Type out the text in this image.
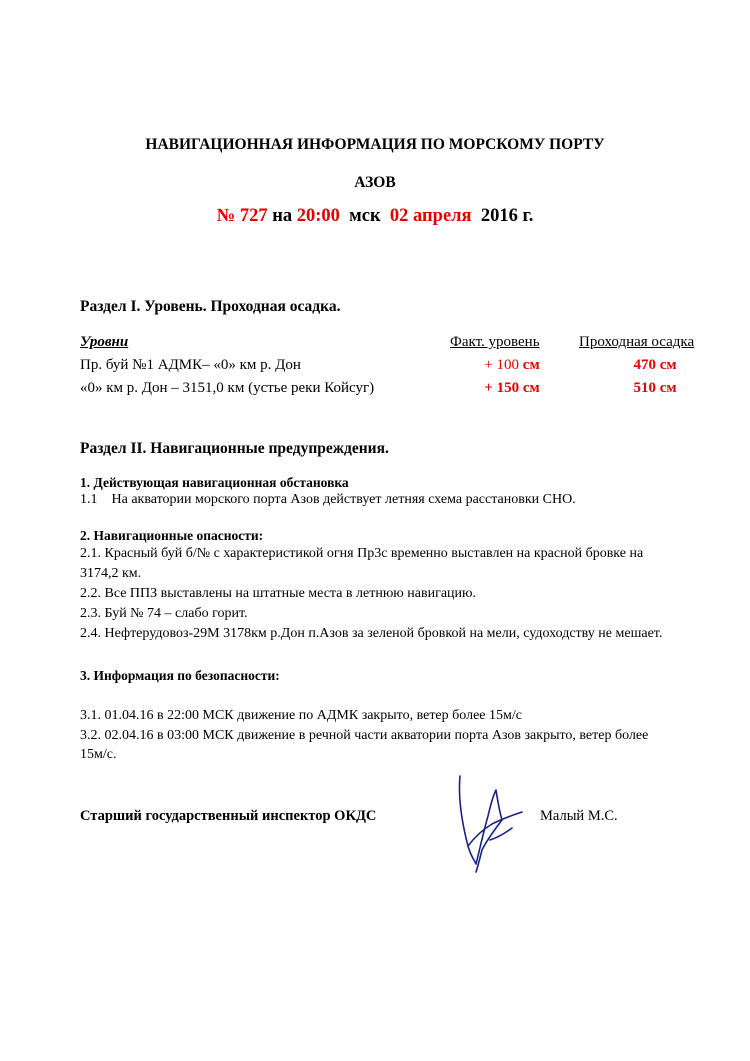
НАВИГАЦИОННАЯ ИНФОРМАЦИЯ ПО МОРСКОМУ ПОРТУ
АЗОВ
№ 727 на 20:00  мск  02 апреля  2016 г.
Раздел I. Уровень. Проходная осадка.
Уровни	Факт. уровень	Проходная осадка
Пр. буй №1 АДМК– «0» км р. Дон	+ 100 см	470 см
«0» км р. Дон – 3151,0 км (устье реки Койсуг)	+ 150 см	510 см
Раздел II. Навигационные предупреждения.
1. Действующая навигационная обстановка
1.1    На акватории морского порта Азов действует летняя схема расстановки СНО.
2. Навигационные опасности:
2.1. Красный буй б/№ с характеристикой огня Пр3с временно выставлен на красной бровке на
3174,2 км.
2.2. Все ППЗ выставлены на штатные места в летнюю навигацию.
2.3. Буй № 74 – слабо горит.
2.4. Нефтерудовоз-29М 3178км р.Дон п.Азов за зеленой бровкой на мели, судоходству не мешает.
3. Информация по безопасности:
3.1. 01.04.16 в 22:00 МСК движение по АДМК закрыто, ветер более 15м/с
3.2. 02.04.16 в 03:00 МСК движение в речной части акватории порта Азов закрыто, ветер более
15м/с.
Старший государственный инспектор ОКДС	Малый М.С.
